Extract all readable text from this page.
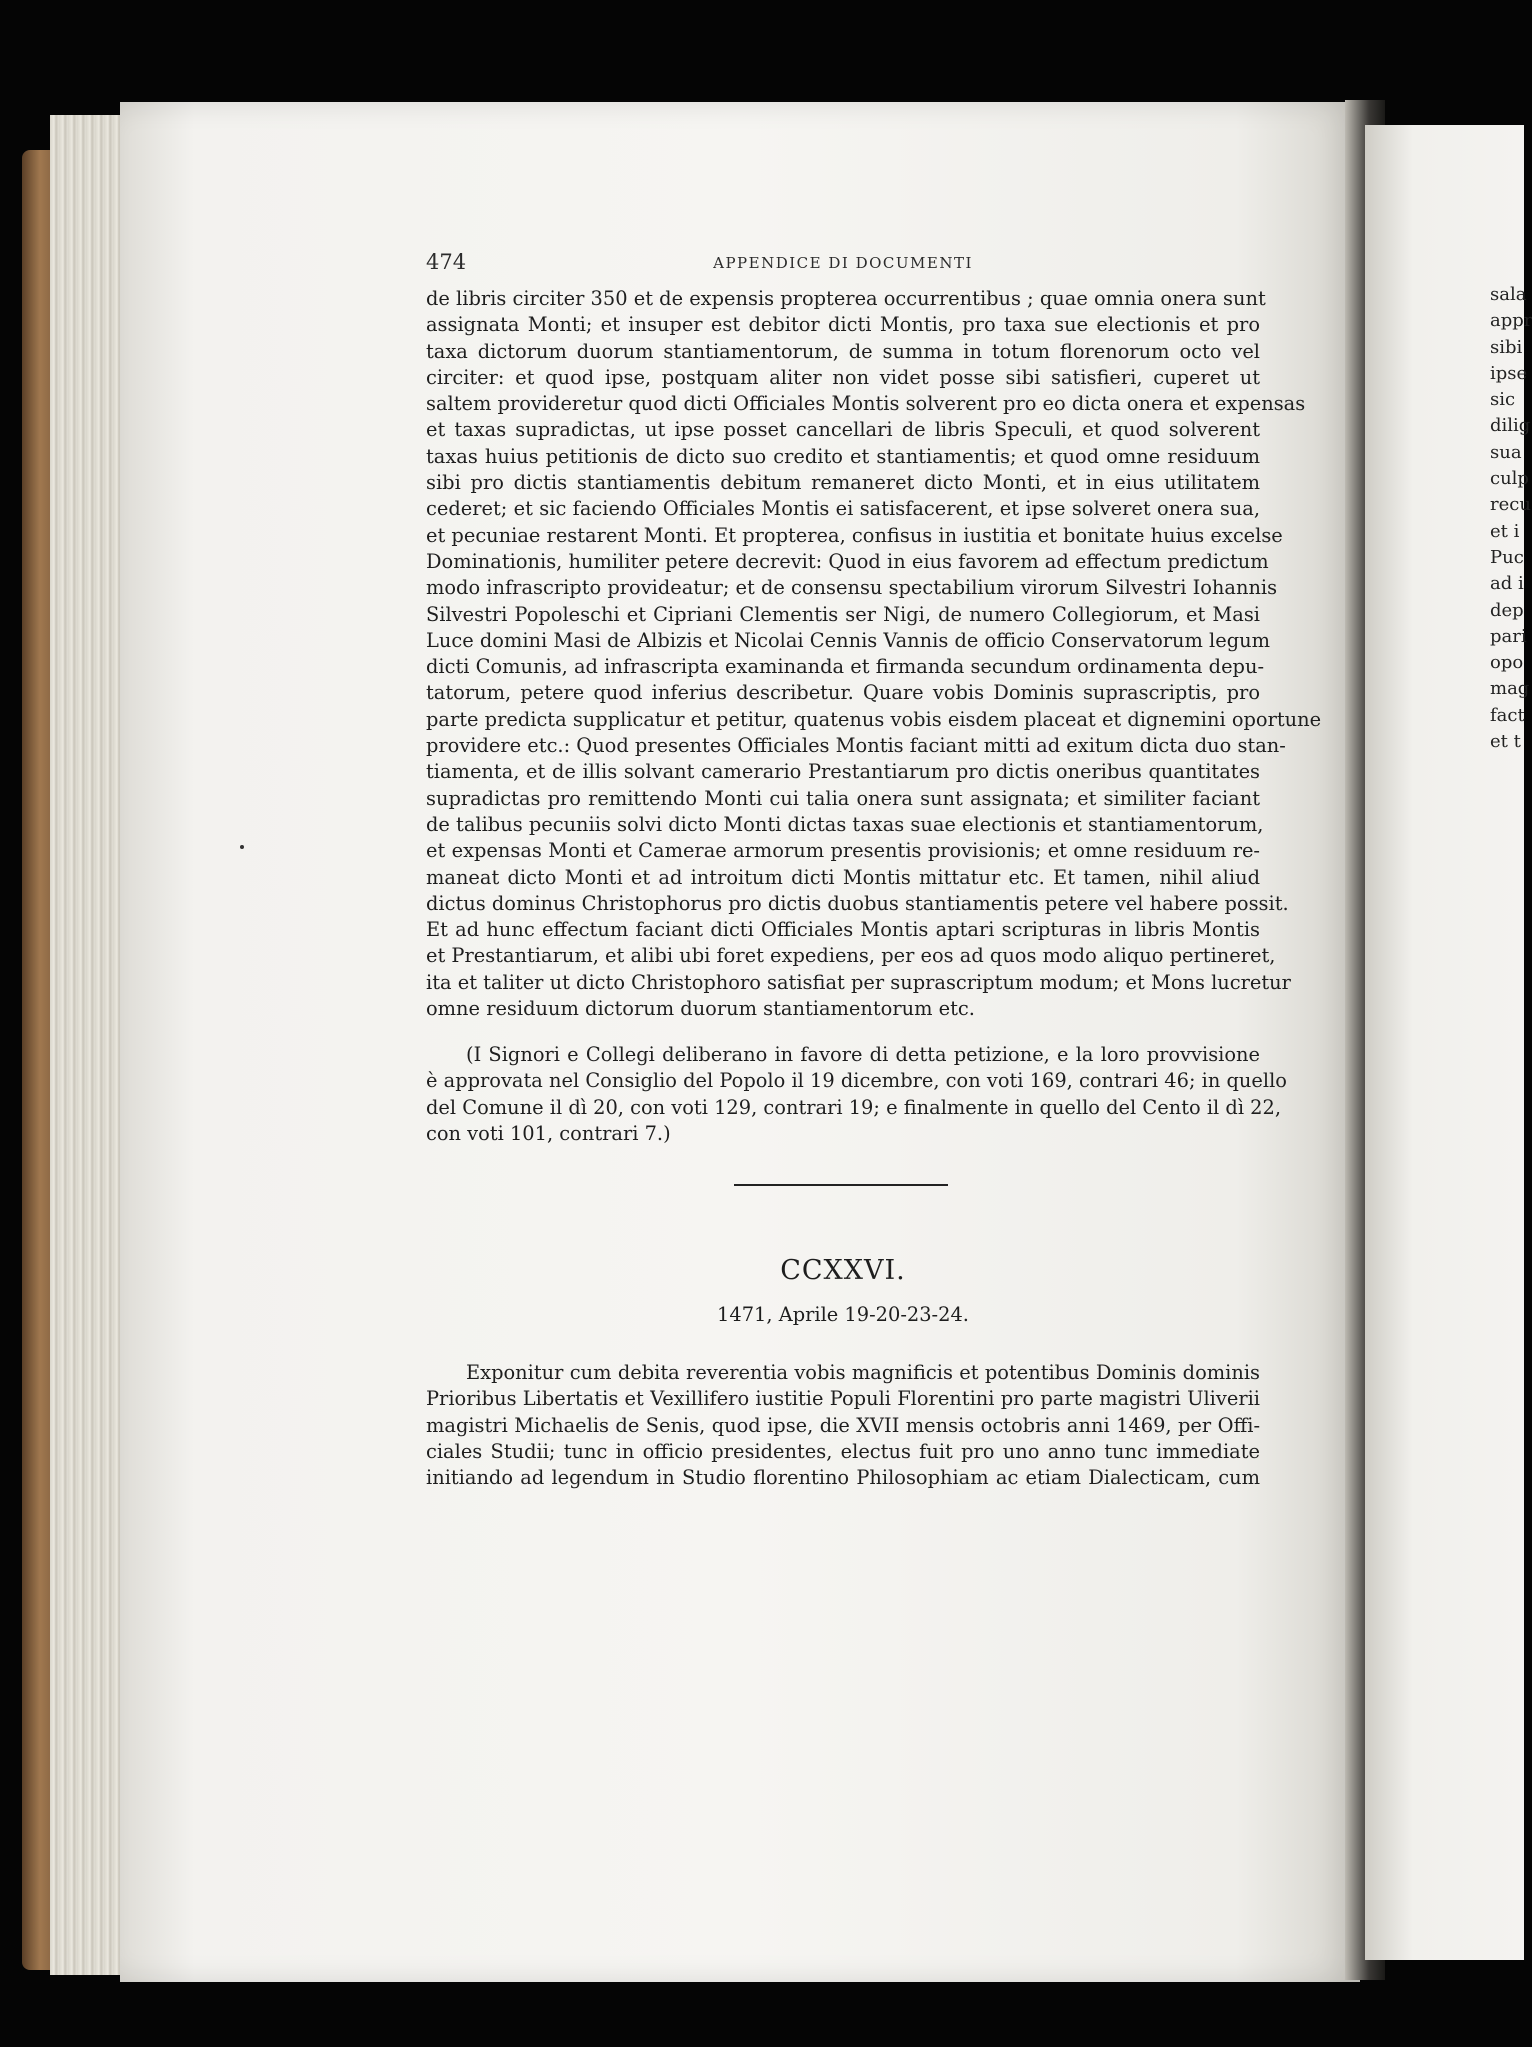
474	APPENDICE DI DOCUMENTI
de libris circiter 350 et de expensis propterea occurrentibus ; quae omnia onera sunt
assignata Monti; et insuper est debitor dicti Montis, pro taxa sue electionis et pro
taxa dictorum duorum stantiamentorum, de summa in totum florenorum octo vel
circiter: et quod ipse, postquam aliter non videt posse sibi satisfieri, cuperet ut
saltem provideretur quod dicti Officiales Montis solverent pro eo dicta onera et expensas
et taxas supradictas, ut ipse posset cancellari de libris Speculi, et quod solverent
taxas huius petitionis de dicto suo credito et stantiamentis; et quod omne residuum
sibi pro dictis stantiamentis debitum remaneret dicto Monti, et in eius utilitatem
cederet; et sic faciendo Officiales Montis ei satisfacerent, et ipse solveret onera sua,
et pecuniae restarent Monti. Et propterea, confisus in iustitia et bonitate huius excelse
Dominationis, humiliter petere decrevit: Quod in eius favorem ad effectum predictum
modo infrascripto provideatur; et de consensu spectabilium virorum Silvestri Iohannis
Silvestri Popoleschi et Cipriani Clementis ser Nigi, de numero Collegiorum, et Masi
Luce domini Masi de Albizis et Nicolai Cennis Vannis de officio Conservatorum legum
dicti Comunis, ad infrascripta examinanda et firmanda secundum ordinamenta depu-
tatorum, petere quod inferius describetur. Quare vobis Dominis suprascriptis, pro
parte predicta supplicatur et petitur, quatenus vobis eisdem placeat et dignemini oportune
providere etc.: Quod presentes Officiales Montis faciant mitti ad exitum dicta duo stan-
tiamenta, et de illis solvant camerario Prestantiarum pro dictis oneribus quantitates
supradictas pro remittendo Monti cui talia onera sunt assignata; et similiter faciant
de talibus pecuniis solvi dicto Monti dictas taxas suae electionis et stantiamentorum,
et expensas Monti et Camerae armorum presentis provisionis; et omne residuum re-
maneat dicto Monti et ad introitum dicti Montis mittatur etc. Et tamen, nihil aliud
dictus dominus Christophorus pro dictis duobus stantiamentis petere vel habere possit.
Et ad hunc effectum faciant dicti Officiales Montis aptari scripturas in libris Montis
et Prestantiarum, et alibi ubi foret expediens, per eos ad quos modo aliquo pertineret,
ita et taliter ut dicto Christophoro satisfiat per suprascriptum modum; et Mons lucretur
omne residuum dictorum duorum stantiamentorum etc.
(I Signori e Collegi deliberano in favore di detta petizione, e la loro provvisione
è approvata nel Consiglio del Popolo il 19 dicembre, con voti 169, contrari 46; in quello
del Comune il dì 20, con voti 129, contrari 19; e finalmente in quello del Cento il dì 22,
con voti 101, contrari 7.)
CCXXVI.
1471, Aprile 19-20-23-24.
Exponitur cum debita reverentia vobis magnificis et potentibus Dominis dominis
Prioribus Libertatis et Vexillifero iustitie Populi Florentini pro parte magistri Uliverii
magistri Michaelis de Senis, quod ipse, die XVII mensis octobris anni 1469, per Offi-
ciales Studii; tunc in officio presidentes, electus fuit pro uno anno tunc immediate
initiando ad legendum in Studio florentino Philosophiam ac etiam Dialecticam, cum
sala
appr
sibi
ipse
sic
dilig
sua
culp
recu
et i
Puc
ad i
dep
pari
opo
mag
fact
et t
